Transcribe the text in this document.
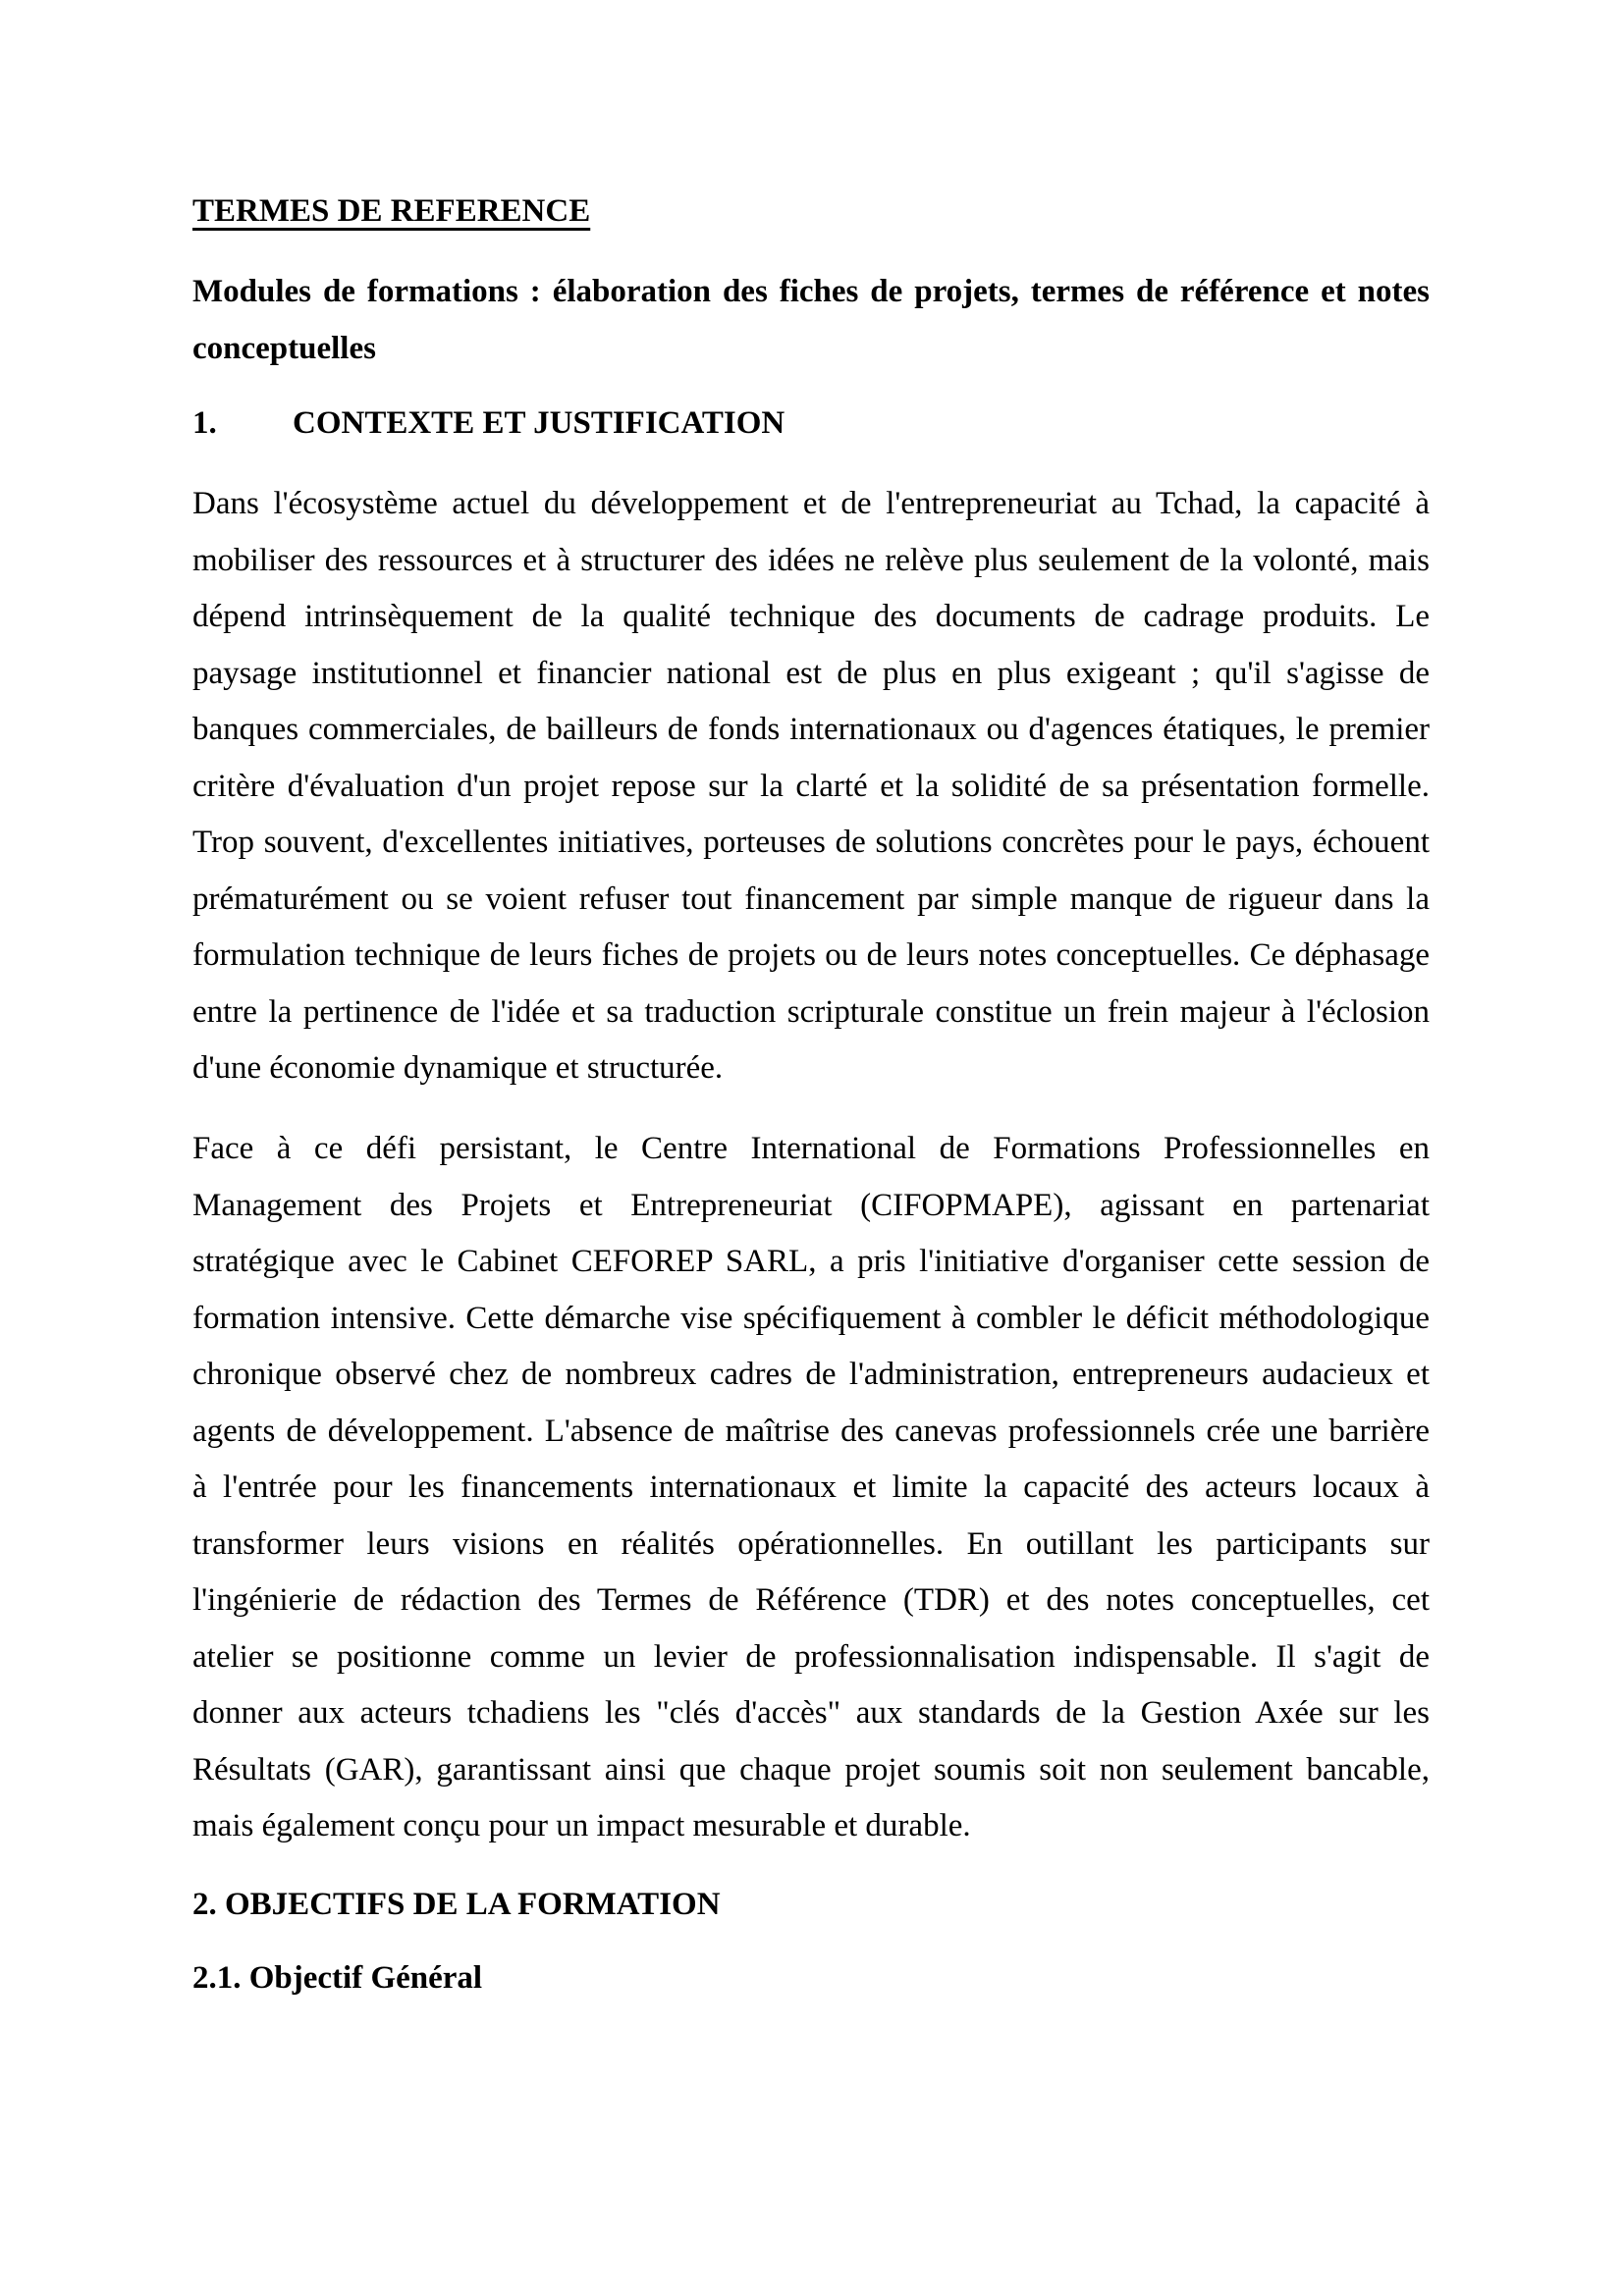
TERMES DE REFERENCE
Modules de formations : élaboration des fiches de projets, termes de référence et notes
conceptuelles
1. CONTEXTE ET JUSTIFICATION
Dans l'écosystème actuel du développement et de l'entrepreneuriat au Tchad, la capacité à
mobiliser des ressources et à structurer des idées ne relève plus seulement de la volonté, mais
dépend intrinsèquement de la qualité technique des documents de cadrage produits. Le
paysage institutionnel et financier national est de plus en plus exigeant ; qu'il s'agisse de
banques commerciales, de bailleurs de fonds internationaux ou d'agences étatiques, le premier
critère d'évaluation d'un projet repose sur la clarté et la solidité de sa présentation formelle.
Trop souvent, d'excellentes initiatives, porteuses de solutions concrètes pour le pays, échouent
prématurément ou se voient refuser tout financement par simple manque de rigueur dans la
formulation technique de leurs fiches de projets ou de leurs notes conceptuelles. Ce déphasage
entre la pertinence de l'idée et sa traduction scripturale constitue un frein majeur à l'éclosion
d'une économie dynamique et structurée.
Face à ce défi persistant, le Centre International de Formations Professionnelles en
Management des Projets et Entrepreneuriat (CIFOPMAPE), agissant en partenariat
stratégique avec le Cabinet CEFOREP SARL, a pris l'initiative d'organiser cette session de
formation intensive. Cette démarche vise spécifiquement à combler le déficit méthodologique
chronique observé chez de nombreux cadres de l'administration, entrepreneurs audacieux et
agents de développement. L'absence de maîtrise des canevas professionnels crée une barrière
à l'entrée pour les financements internationaux et limite la capacité des acteurs locaux à
transformer leurs visions en réalités opérationnelles. En outillant les participants sur
l'ingénierie de rédaction des Termes de Référence (TDR) et des notes conceptuelles, cet
atelier se positionne comme un levier de professionnalisation indispensable. Il s'agit de
donner aux acteurs tchadiens les "clés d'accès" aux standards de la Gestion Axée sur les
Résultats (GAR), garantissant ainsi que chaque projet soumis soit non seulement bancable,
mais également conçu pour un impact mesurable et durable.
2. OBJECTIFS DE LA FORMATION
2.1. Objectif Général
